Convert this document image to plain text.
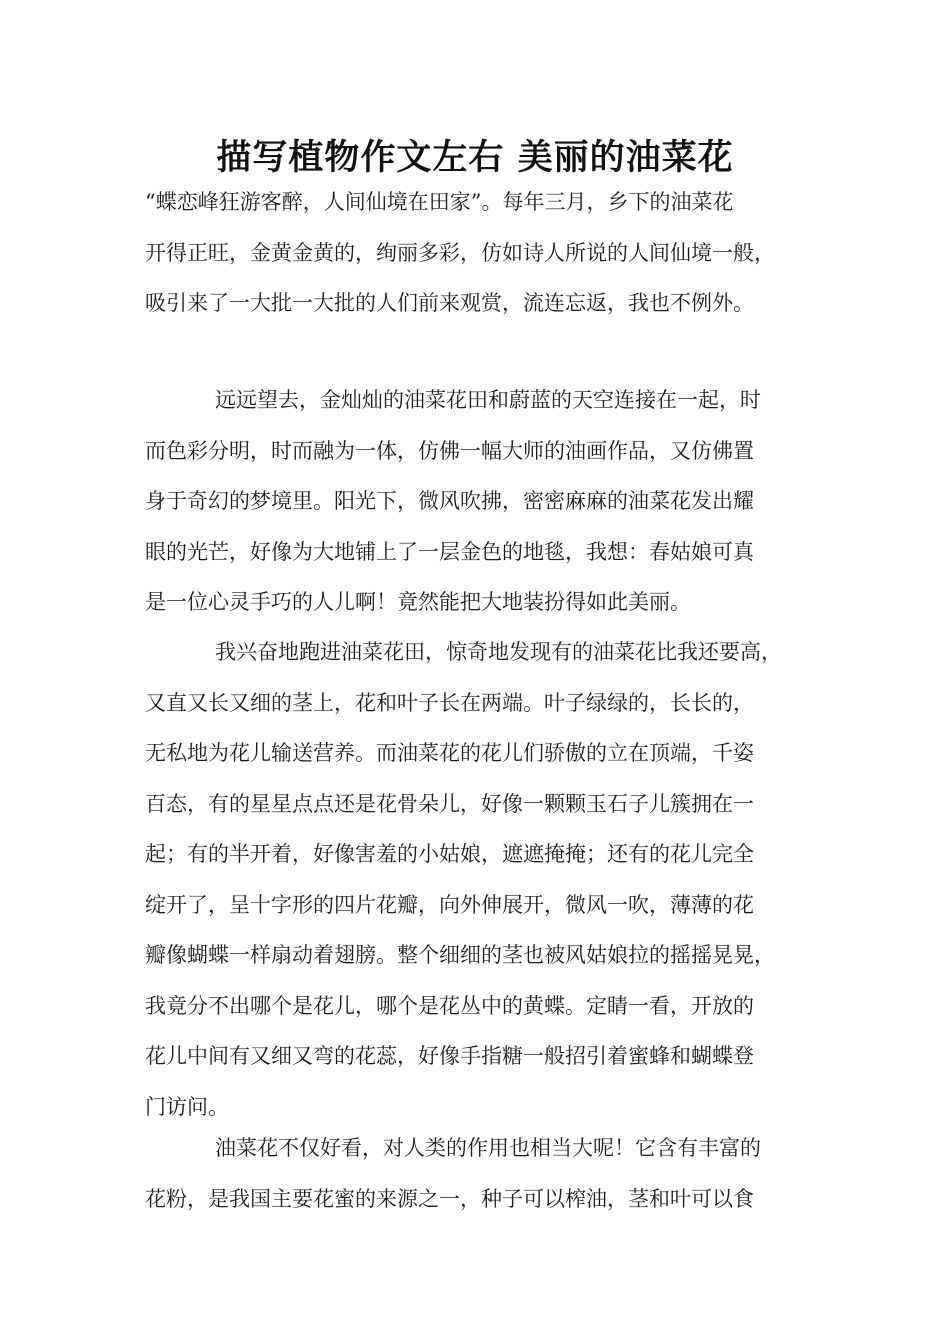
描写植物作文左右 美丽的油菜花
“蝶恋峰狂游客醉，人间仙境在田家”。每年三月，乡下的油菜花
开得正旺，金黄金黄的，绚丽多彩，仿如诗人所说的人间仙境一般，
吸引来了一大批一大批的人们前来观赏，流连忘返，我也不例外。
远远望去，金灿灿的油菜花田和蔚蓝的天空连接在一起，时
而色彩分明，时而融为一体，仿佛一幅大师的油画作品，又仿佛置
身于奇幻的梦境里。阳光下，微风吹拂，密密麻麻的油菜花发出耀
眼的光芒，好像为大地铺上了一层金色的地毯，我想：春姑娘可真
是一位心灵手巧的人儿啊！竟然能把大地装扮得如此美丽。
我兴奋地跑进油菜花田，惊奇地发现有的油菜花比我还要高，
又直又长又细的茎上，花和叶子长在两端。叶子绿绿的，长长的，
无私地为花儿输送营养。而油菜花的花儿们骄傲的立在顶端，千姿
百态，有的星星点点还是花骨朵儿，好像一颗颗玉石子儿簇拥在一
起；有的半开着，好像害羞的小姑娘，遮遮掩掩；还有的花儿完全
绽开了，呈十字形的四片花瓣，向外伸展开，微风一吹，薄薄的花
瓣像蝴蝶一样扇动着翅膀。整个细细的茎也被风姑娘拉的摇摇晃晃，
我竟分不出哪个是花儿，哪个是花丛中的黄蝶。定睛一看，开放的
花儿中间有又细又弯的花蕊，好像手指糖一般招引着蜜蜂和蝴蝶登
门访问。
油菜花不仅好看，对人类的作用也相当大呢！它含有丰富的
花粉，是我国主要花蜜的来源之一，种子可以榨油，茎和叶可以食
